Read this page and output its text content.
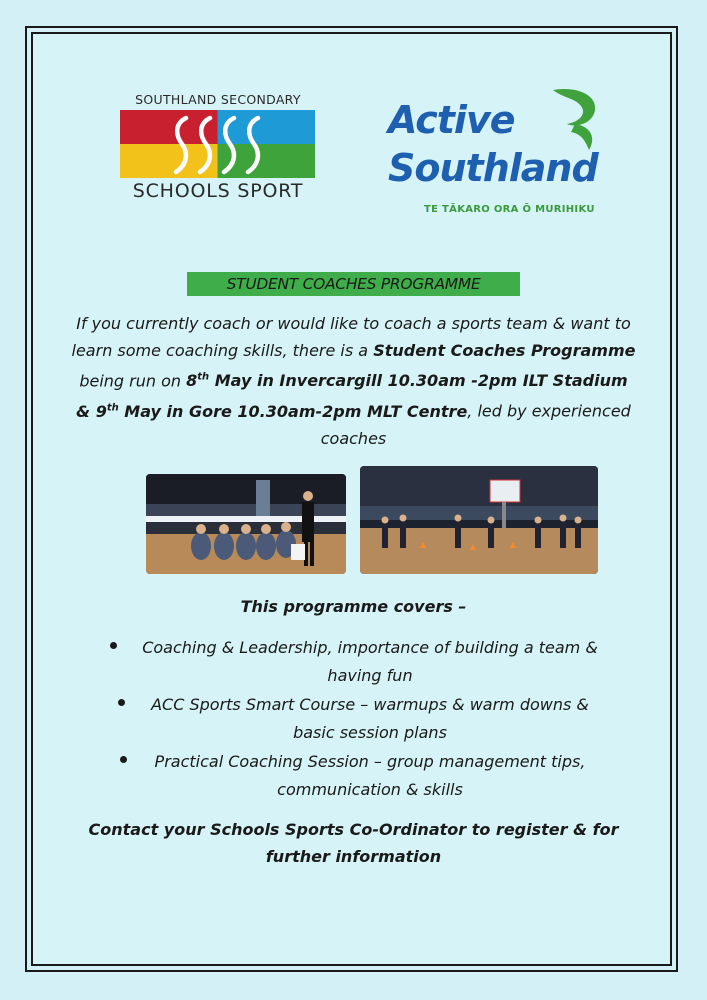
SOUTHLAND SECONDARY
SCHOOLS SPORT
Active
Southland
TE TĀKARO ORA Ō MURIHIKU
STUDENT COACHES PROGRAMME
If you currently coach or would like to coach a sports team & want to learn some coaching skills, there is a Student Coaches Programme being run on 8th May in Invercargill 10.30am -2pm ILT Stadium & 9th May in Gore 10.30am-2pm MLT Centre, led by experienced coaches
This programme covers –
Coaching & Leadership, importance of building a team &
having fun
ACC Sports Smart Course – warmups & warm downs &
basic session plans
Practical Coaching Session – group management tips,
communication & skills
Contact your Schools Sports Co-Ordinator to register & for
further information
